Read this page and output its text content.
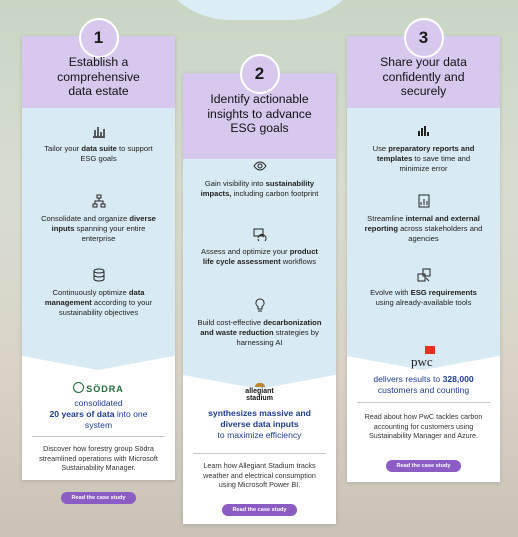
1
Establish a comprehensive data estate
Tailor your data suite to support ESG goals
Consolidate and organize diverse inputs spanning your entire enterprise
Continuously optimize data management according to your sustainability objectives
SÖDRA
consolidated
20 years of data into one system
Discover how forestry group Södra streamlined operations with Microsoft Sustainability Manager.
Read the case study
2
Identify actionable insights to advance ESG goals
Gain visibility into sustainability impacts, including carbon footprint
Assess and optimize your product life cycle assessment workflows
Build cost-effective decarbonization and waste reduction strategies by harnessing AI
allegiant stadium
synthesizes massive and diverse data inputs
to maximize efficiency
Learn how Allegiant Stadium tracks weather and electrical consumption using Microsoft Power BI.
Read the case study
3
Share your data confidently and securely
Use preparatory reports and templates to save time and minimize error
Streamline internal and external reporting across stakeholders and agencies
Evolve with ESG requirements using already-available tools
pwc
delivers results to 328,000 customers and counting
Read about how PwC tackles carbon accounting for customers using Sustainability Manager and Azure.
Read the case study
